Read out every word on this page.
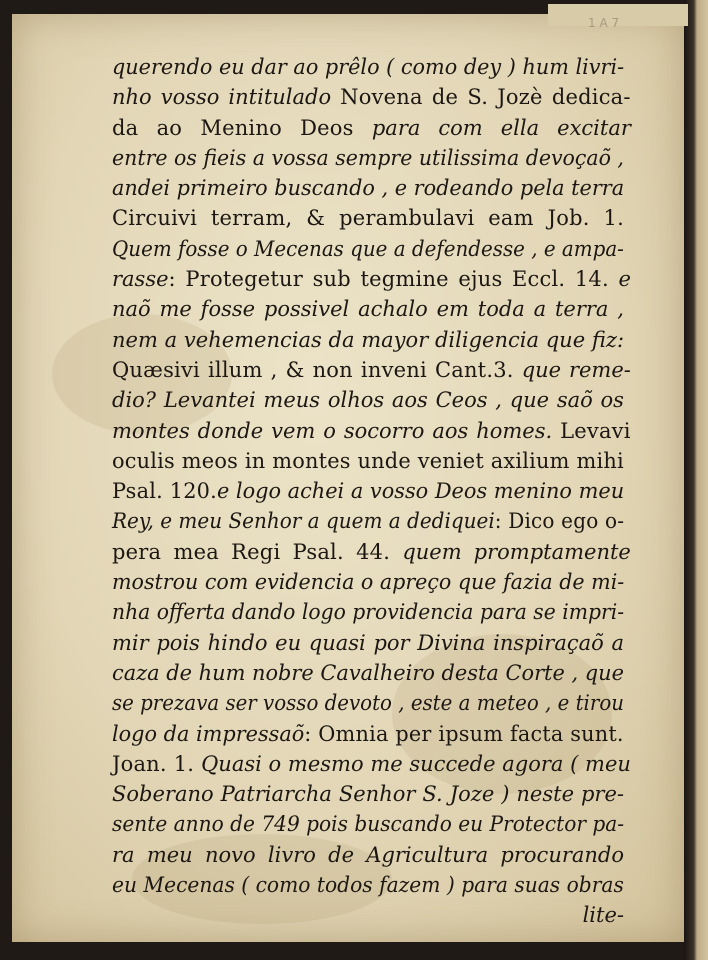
1 A 7
querendo eu dar ao prêlo ( como dey ) hum livri-
nho vosso intitulado Novena de S. Jozè dedica-
da ao Menino Deos para com ella excitar
entre os fieis a vossa sempre utilissima devoçaõ ,
andei primeiro buscando , e rodeando pela terra
Circuivi terram, & perambulavi eam Job. 1.
Quem fosse o Mecenas que a defendesse , e ampa-
rasse : Protegetur sub tegmine ejus Eccl. 14. e
naõ me fosse possivel achalo em toda a terra ,
nem a vehemencias da mayor diligencia que fiz:
Quæsivi illum , & non inveni Cant.3. que reme-
dio? Levantei meus olhos aos Ceos , que saõ os
montes donde vem o socorro aos homes. Levavi
oculis meos in montes unde veniet axilium mihi
Psal. 120. e logo achei a vosso Deos menino meu
Rey, e meu Senhor a quem a dediquei : Dico ego o-
pera mea Regi Psal. 44. quem promptamente
mostrou com evidencia o apreço que fazia de mi-
nha offerta dando logo providencia para se impri-
mir pois hindo eu quasi por Divina inspiraçaõ a
caza de hum nobre Cavalheiro desta Corte , que
se prezava ser vosso devoto , este a meteo , e tirou
logo da impressaõ : Omnia per ipsum facta sunt.
Joan. 1. Quasi o mesmo me succede agora ( meu
Soberano Patriarcha Senhor S. Joze ) neste pre-
sente anno de 749 pois buscando eu Protector pa-
ra meu novo livro de Agricultura procurando
eu Mecenas ( como todos fazem ) para suas obras
lite-
